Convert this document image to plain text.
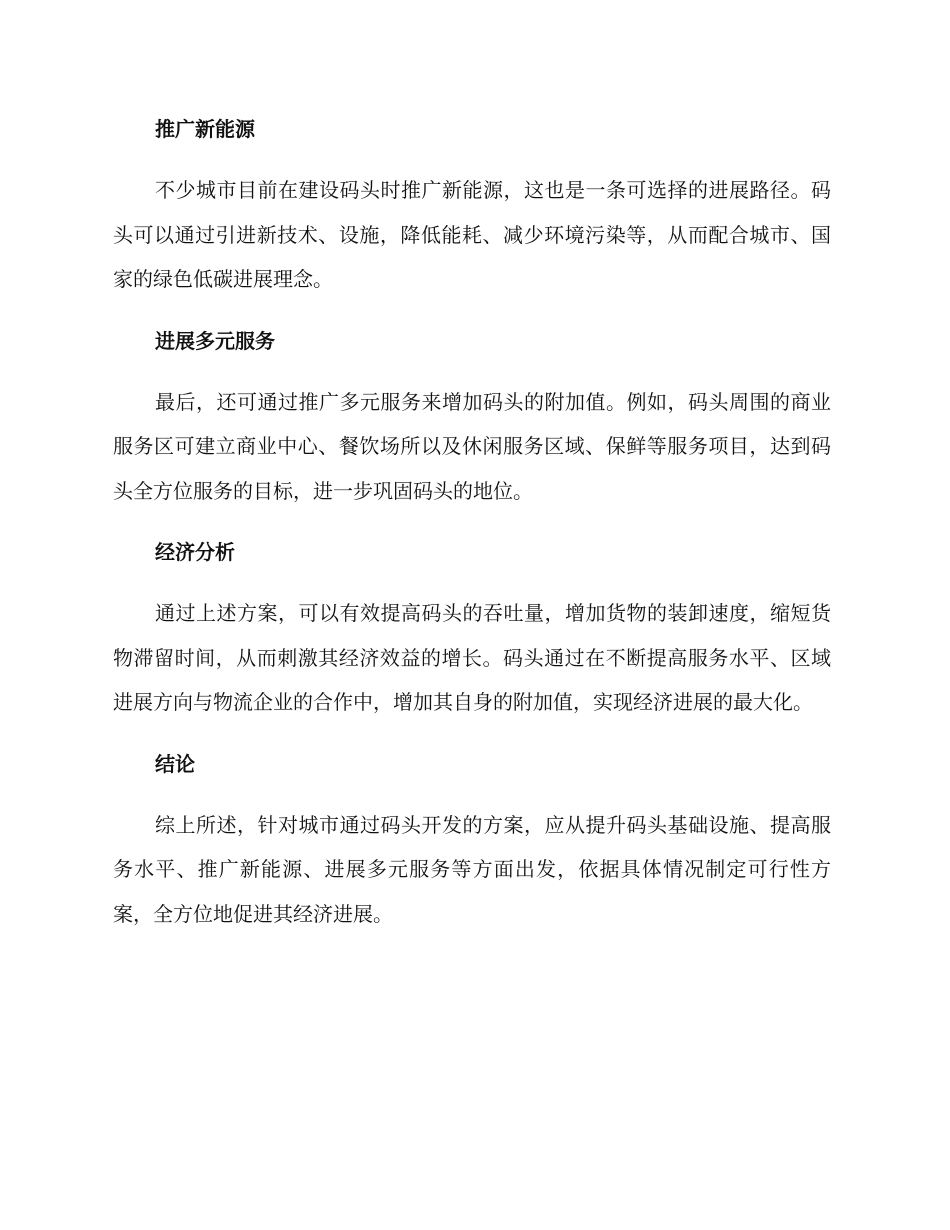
推广新能源

不少城市目前在建设码头时推广新能源，这也是一条可选择的进展路径。码头可以通过引进新技术、设施，降低能耗、减少环境污染等，从而配合城市、国家的绿色低碳进展理念。

进展多元服务

最后，还可通过推广多元服务来增加码头的附加值。例如，码头周围的商业服务区可建立商业中心、餐饮场所以及休闲服务区域、保鲜等服务项目，达到码头全方位服务的目标，进一步巩固码头的地位。

经济分析

通过上述方案，可以有效提高码头的吞吐量，增加货物的装卸速度，缩短货物滞留时间，从而刺激其经济效益的增长。码头通过在不断提高服务水平、区域进展方向与物流企业的合作中，增加其自身的附加值，实现经济进展的最大化。

结论

综上所述，针对城市通过码头开发的方案，应从提升码头基础设施、提高服务水平、推广新能源、进展多元服务等方面出发，依据具体情况制定可行性方案，全方位地促进其经济进展。
